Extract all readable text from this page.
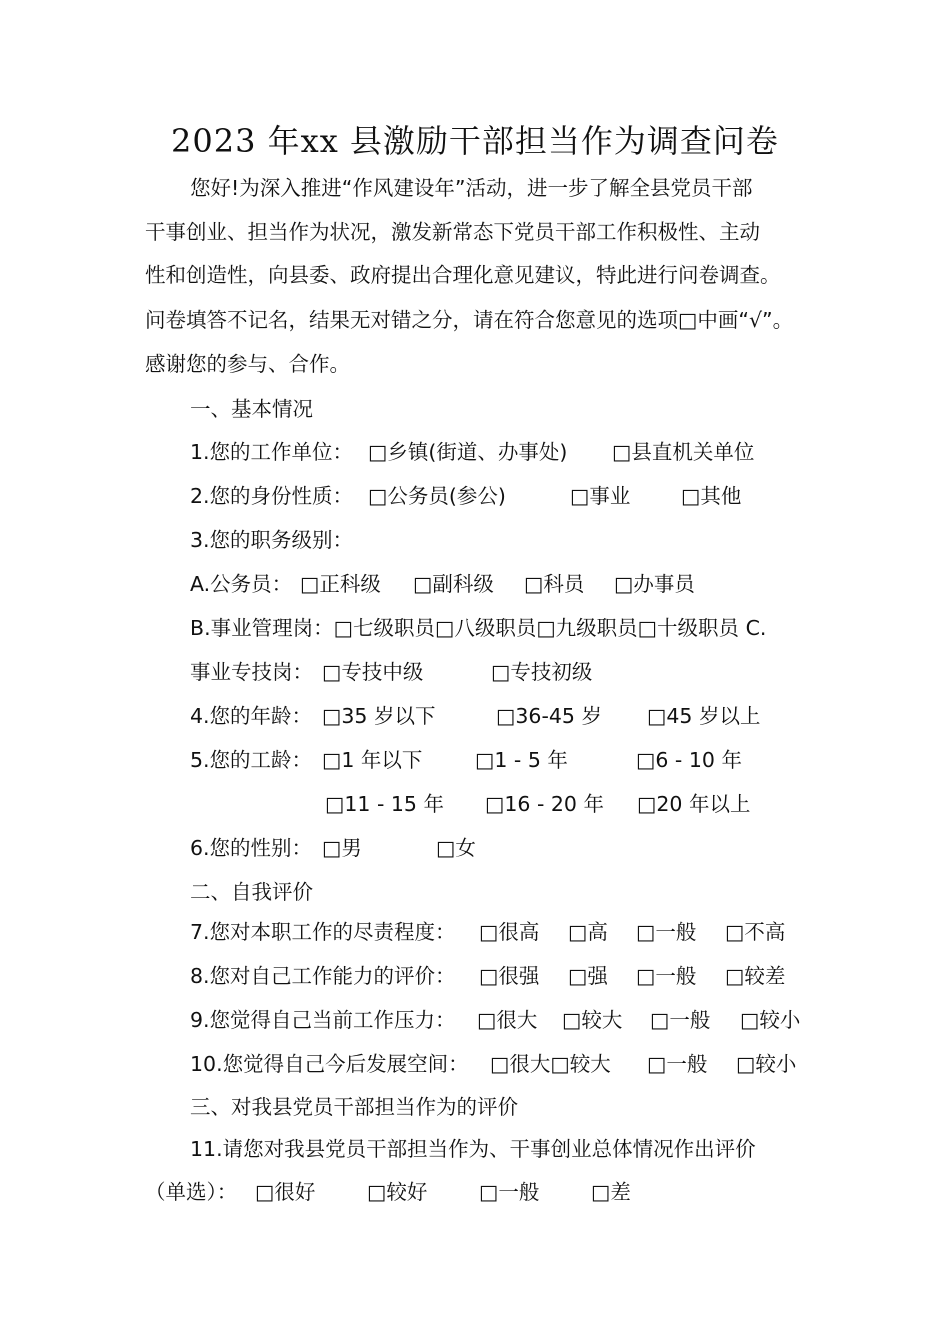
2023 年xx 县激励干部担当作为调查问卷
您好!为深入推进“作风建设年”活动，进一步了解全县党员干部
干事创业、担当作为状况，激发新常态下党员干部工作积极性、主动
性和创造性，向县委、政府提出合理化意见建议，特此进行问卷调查。
问卷填答不记名，结果无对错之分，请在符合您意见的选项□中画“√”。
感谢您的参与、合作。
一、基本情况
1.您的工作单位： □乡镇(街道、办事处) □县直机关单位
2.您的身份性质： □公务员(参公)	□事业 □其他
3.您的职务级别：
A.公务员： □正科级 □副科级 □科员 □办事员
B.事业管理岗：□七级职员□八级职员□九级职员□十级职员 C.
事业专技岗： □专技中级	□专技初级
4.您的年龄： □35 岁以下	□36-45 岁 □45 岁以上
5.您的工龄： □1 年以下	□1 - 5 年	□6 - 10 年
□11 - 15 年 □16 - 20 年 □20 年以上
6.您的性别： □男	□女
二、自我评价
7.您对本职工作的尽责程度： □很高 □高 □一般 □不高
8.您对自己工作能力的评价： □很强 □强 □一般 □较差
9.您觉得自己当前工作压力： □很大 □较大 □一般 □较小
10.您觉得自己今后发展空间： □很大□较大 □一般 □较小
三、对我县党员干部担当作为的评价
11.请您对我县党员干部担当作为、干事创业总体情况作出评价
（单选）： □很好	□较好	□一般	□差
